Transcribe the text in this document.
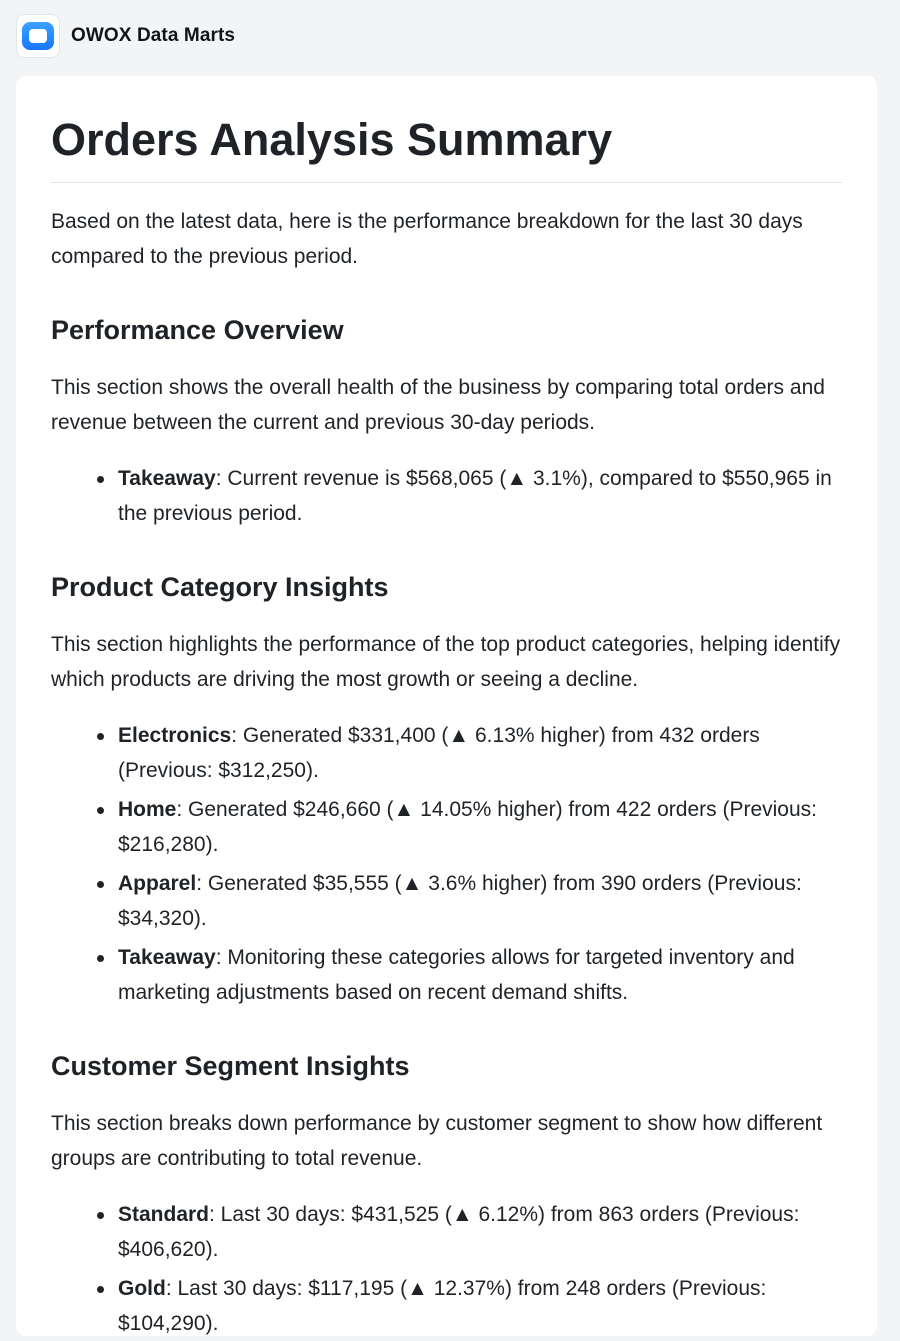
OWOX Data Marts
Orders Analysis Summary

Based on the latest data, here is the performance breakdown for the last 30 days compared to the previous period.

Performance Overview

This section shows the overall health of the business by comparing total orders and revenue between the current and previous 30-day periods.

Takeaway: Current revenue is $568,065 (▲ 3.1%), compared to $550,965 in the previous period.
Product Category Insights

This section highlights the performance of the top product categories, helping identify which products are driving the most growth or seeing a decline.

Electronics: Generated $331,400 (▲ 6.13% higher) from 432 orders (Previous: $312,250).
Home: Generated $246,660 (▲ 14.05% higher) from 422 orders (Previous: $216,280).
Apparel: Generated $35,555 (▲ 3.6% higher) from 390 orders (Previous: $34,320).
Takeaway: Monitoring these categories allows for targeted inventory and marketing adjustments based on recent demand shifts.
Customer Segment Insights

This section breaks down performance by customer segment to show how different groups are contributing to total revenue.

Standard: Last 30 days: $431,525 (▲ 6.12%) from 863 orders (Previous: $406,620).
Gold: Last 30 days: $117,195 (▲ 12.37%) from 248 orders (Previous: $104,290).
